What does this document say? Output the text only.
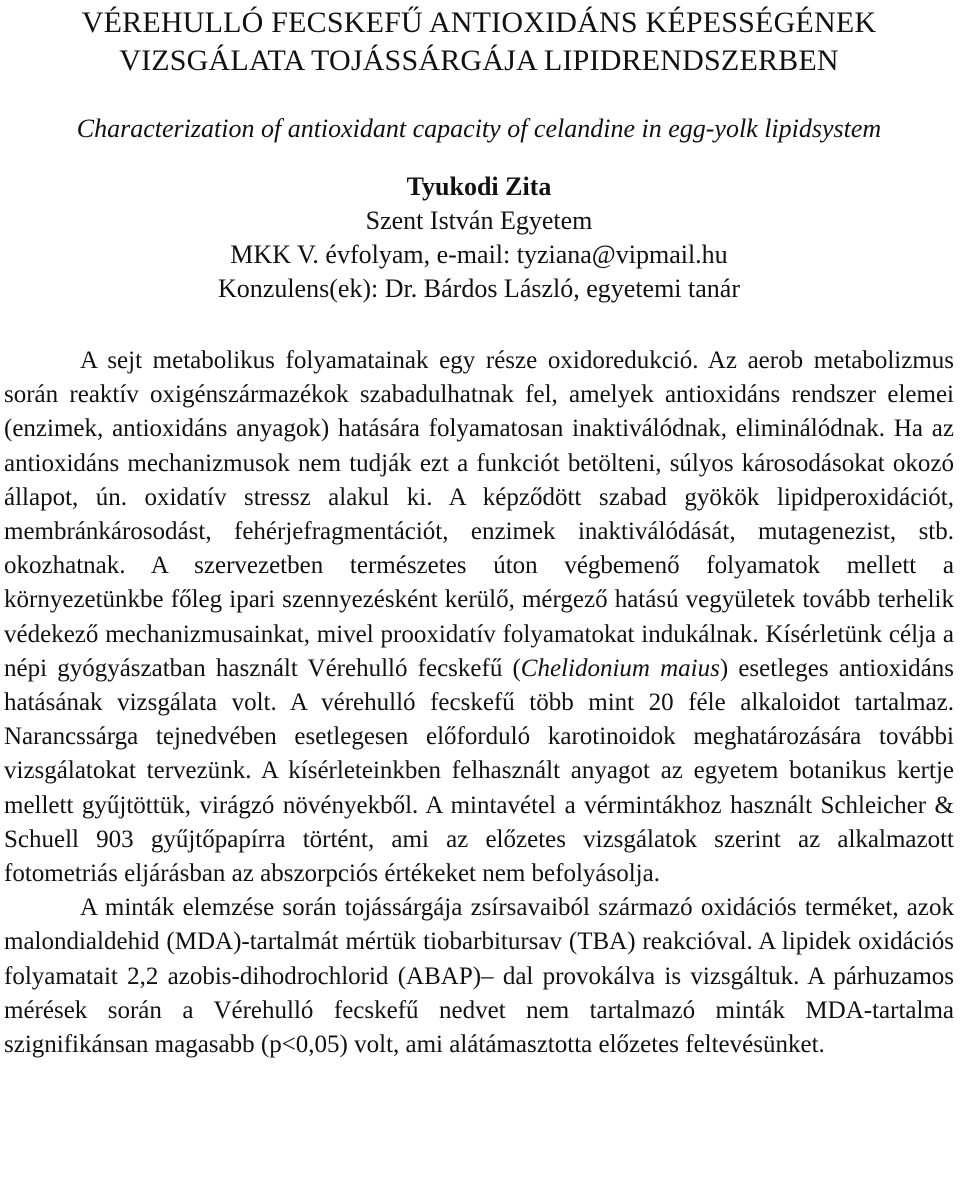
VÉREHULLÓ FECSKEFŰ ANTIOXIDÁNS KÉPESSÉGÉNEK
VIZSGÁLATA TOJÁSSÁRGÁJA LIPIDRENDSZERBEN
Characterization of antioxidant capacity of celandine in egg-yolk lipidsystem
Tyukodi Zita
Szent István Egyetem
MKK V. évfolyam, e-mail: tyziana@vipmail.hu
Konzulens(ek): Dr. Bárdos László, egyetemi tanár

A sejt metabolikus folyamatainak egy része oxidoredukció. Az aerob metabolizmus során reaktív oxigénszármazékok szabadulhatnak fel, amelyek antioxidáns rendszer elemei (enzimek, antioxidáns anyagok) hatására folyamatosan inaktiválódnak, eliminálódnak. Ha az antioxidáns mechanizmusok nem tudják ezt a funkciót betölteni, súlyos károsodásokat okozó állapot, ún. oxidatív stressz alakul ki. A képződött szabad gyökök lipidperoxidációt, membránkárosodást, fehérjefragmentációt, enzimek inaktiválódását, mutagenezist, stb. okozhatnak. A szervezetben természetes úton végbemenő folyamatok mellett a környezetünkbe főleg ipari szennyezésként kerülő, mérgező hatású vegyületek tovább terhelik védekező mechanizmusainkat, mivel prooxidatív folyamatokat indukálnak. Kísérletünk célja a népi gyógyászatban használt Vérehulló fecskefű (Chelidonium maius) esetleges antioxidáns hatásának vizsgálata volt. A vérehulló fecskefű több mint 20 féle alkaloidot tartalmaz. Narancssárga tejnedvében esetlegesen előforduló karotinoidok meghatározására további vizsgálatokat tervezünk. A kísérleteinkben felhasznált anyagot az egyetem botanikus kertje mellett gyűjtöttük, virágzó növényekből. A mintavétel a vérmintákhoz használt Schleicher & Schuell 903 gyűjtőpapírra történt, ami az előzetes vizsgálatok szerint az alkalmazott fotometriás eljárásban az abszorpciós értékeket nem befolyásolja.

A minták elemzése során tojássárgája zsírsavaiból származó oxidációs terméket, azok malondialdehid (MDA)-tartalmát mértük tiobarbitursav (TBA) reakcióval. A lipidek oxidációs folyamatait 2,2 azobis-dihodrochlorid (ABAP)– dal provokálva is vizsgáltuk. A párhuzamos mérések során a Vérehulló fecskefű nedvet nem tartalmazó minták MDA-tartalma szignifikánsan magasabb (p<0,05) volt, ami alátámasztotta előzetes feltevésünket.
